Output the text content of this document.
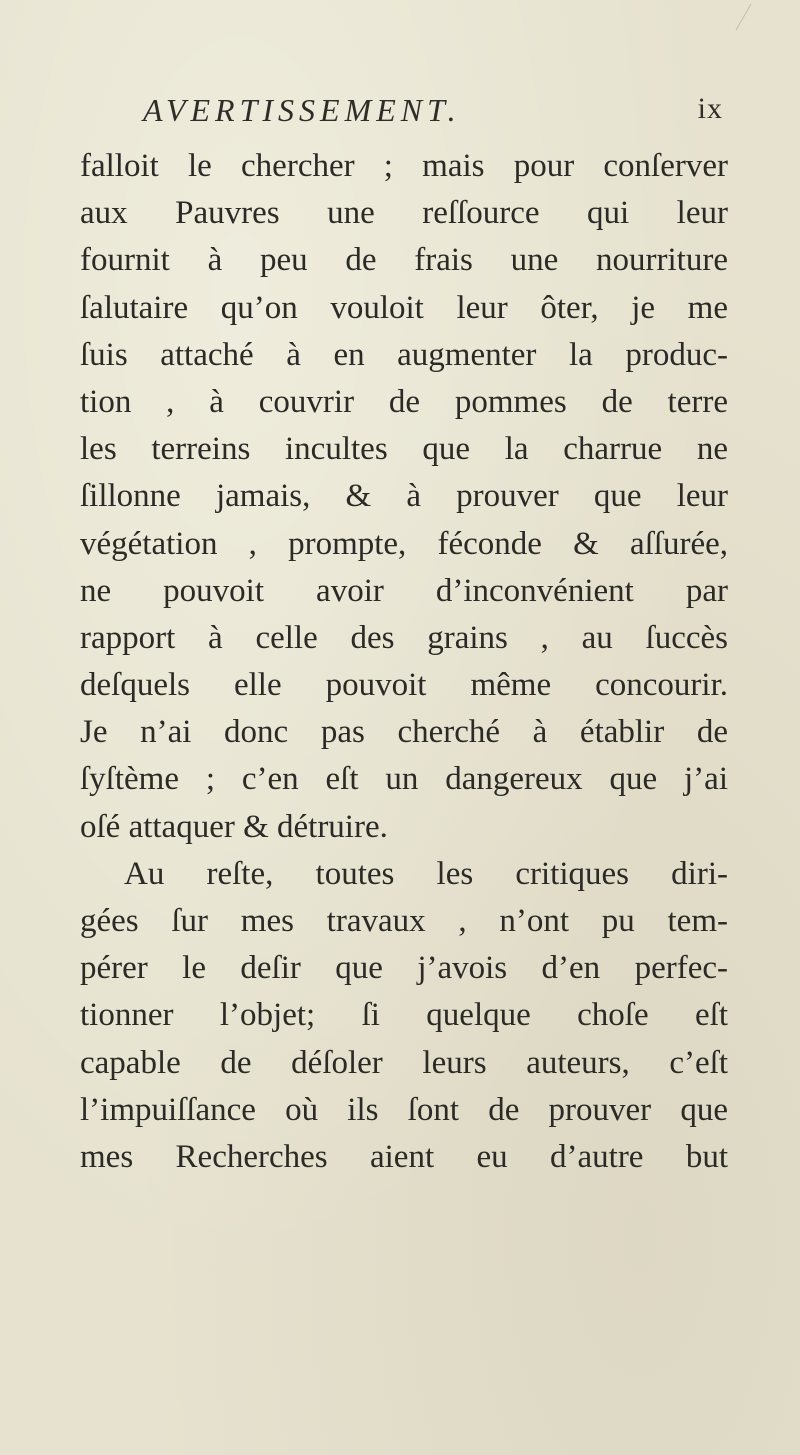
AVERTISSEMENT.	ix
falloit le chercher ; mais pour conſerver
aux Pauvres une reſſource qui leur
fournit à peu de frais une nourriture
ſalutaire qu’on vouloit leur ôter, je me
ſuis attaché à en augmenter la produc-
tion , à couvrir de pommes de terre
les terreins incultes que la charrue ne
ſillonne jamais, & à prouver que leur
végétation , prompte, féconde & aſſurée,
ne pouvoit avoir d’inconvénient par
rapport à celle des grains , au ſuccès
deſquels elle pouvoit même concourir.
Je n’ai donc pas cherché à établir de
ſyſtème ; c’en eſt un dangereux que j’ai
oſé attaquer & détruire.
Au reſte, toutes les critiques diri-
gées ſur mes travaux , n’ont pu tem-
pérer le deſir que j’avois d’en perfec-
tionner l’objet; ſi quelque choſe eſt
capable de déſoler leurs auteurs, c’eſt
l’impuiſſance où ils ſont de prouver que
mes Recherches aient eu d’autre but
